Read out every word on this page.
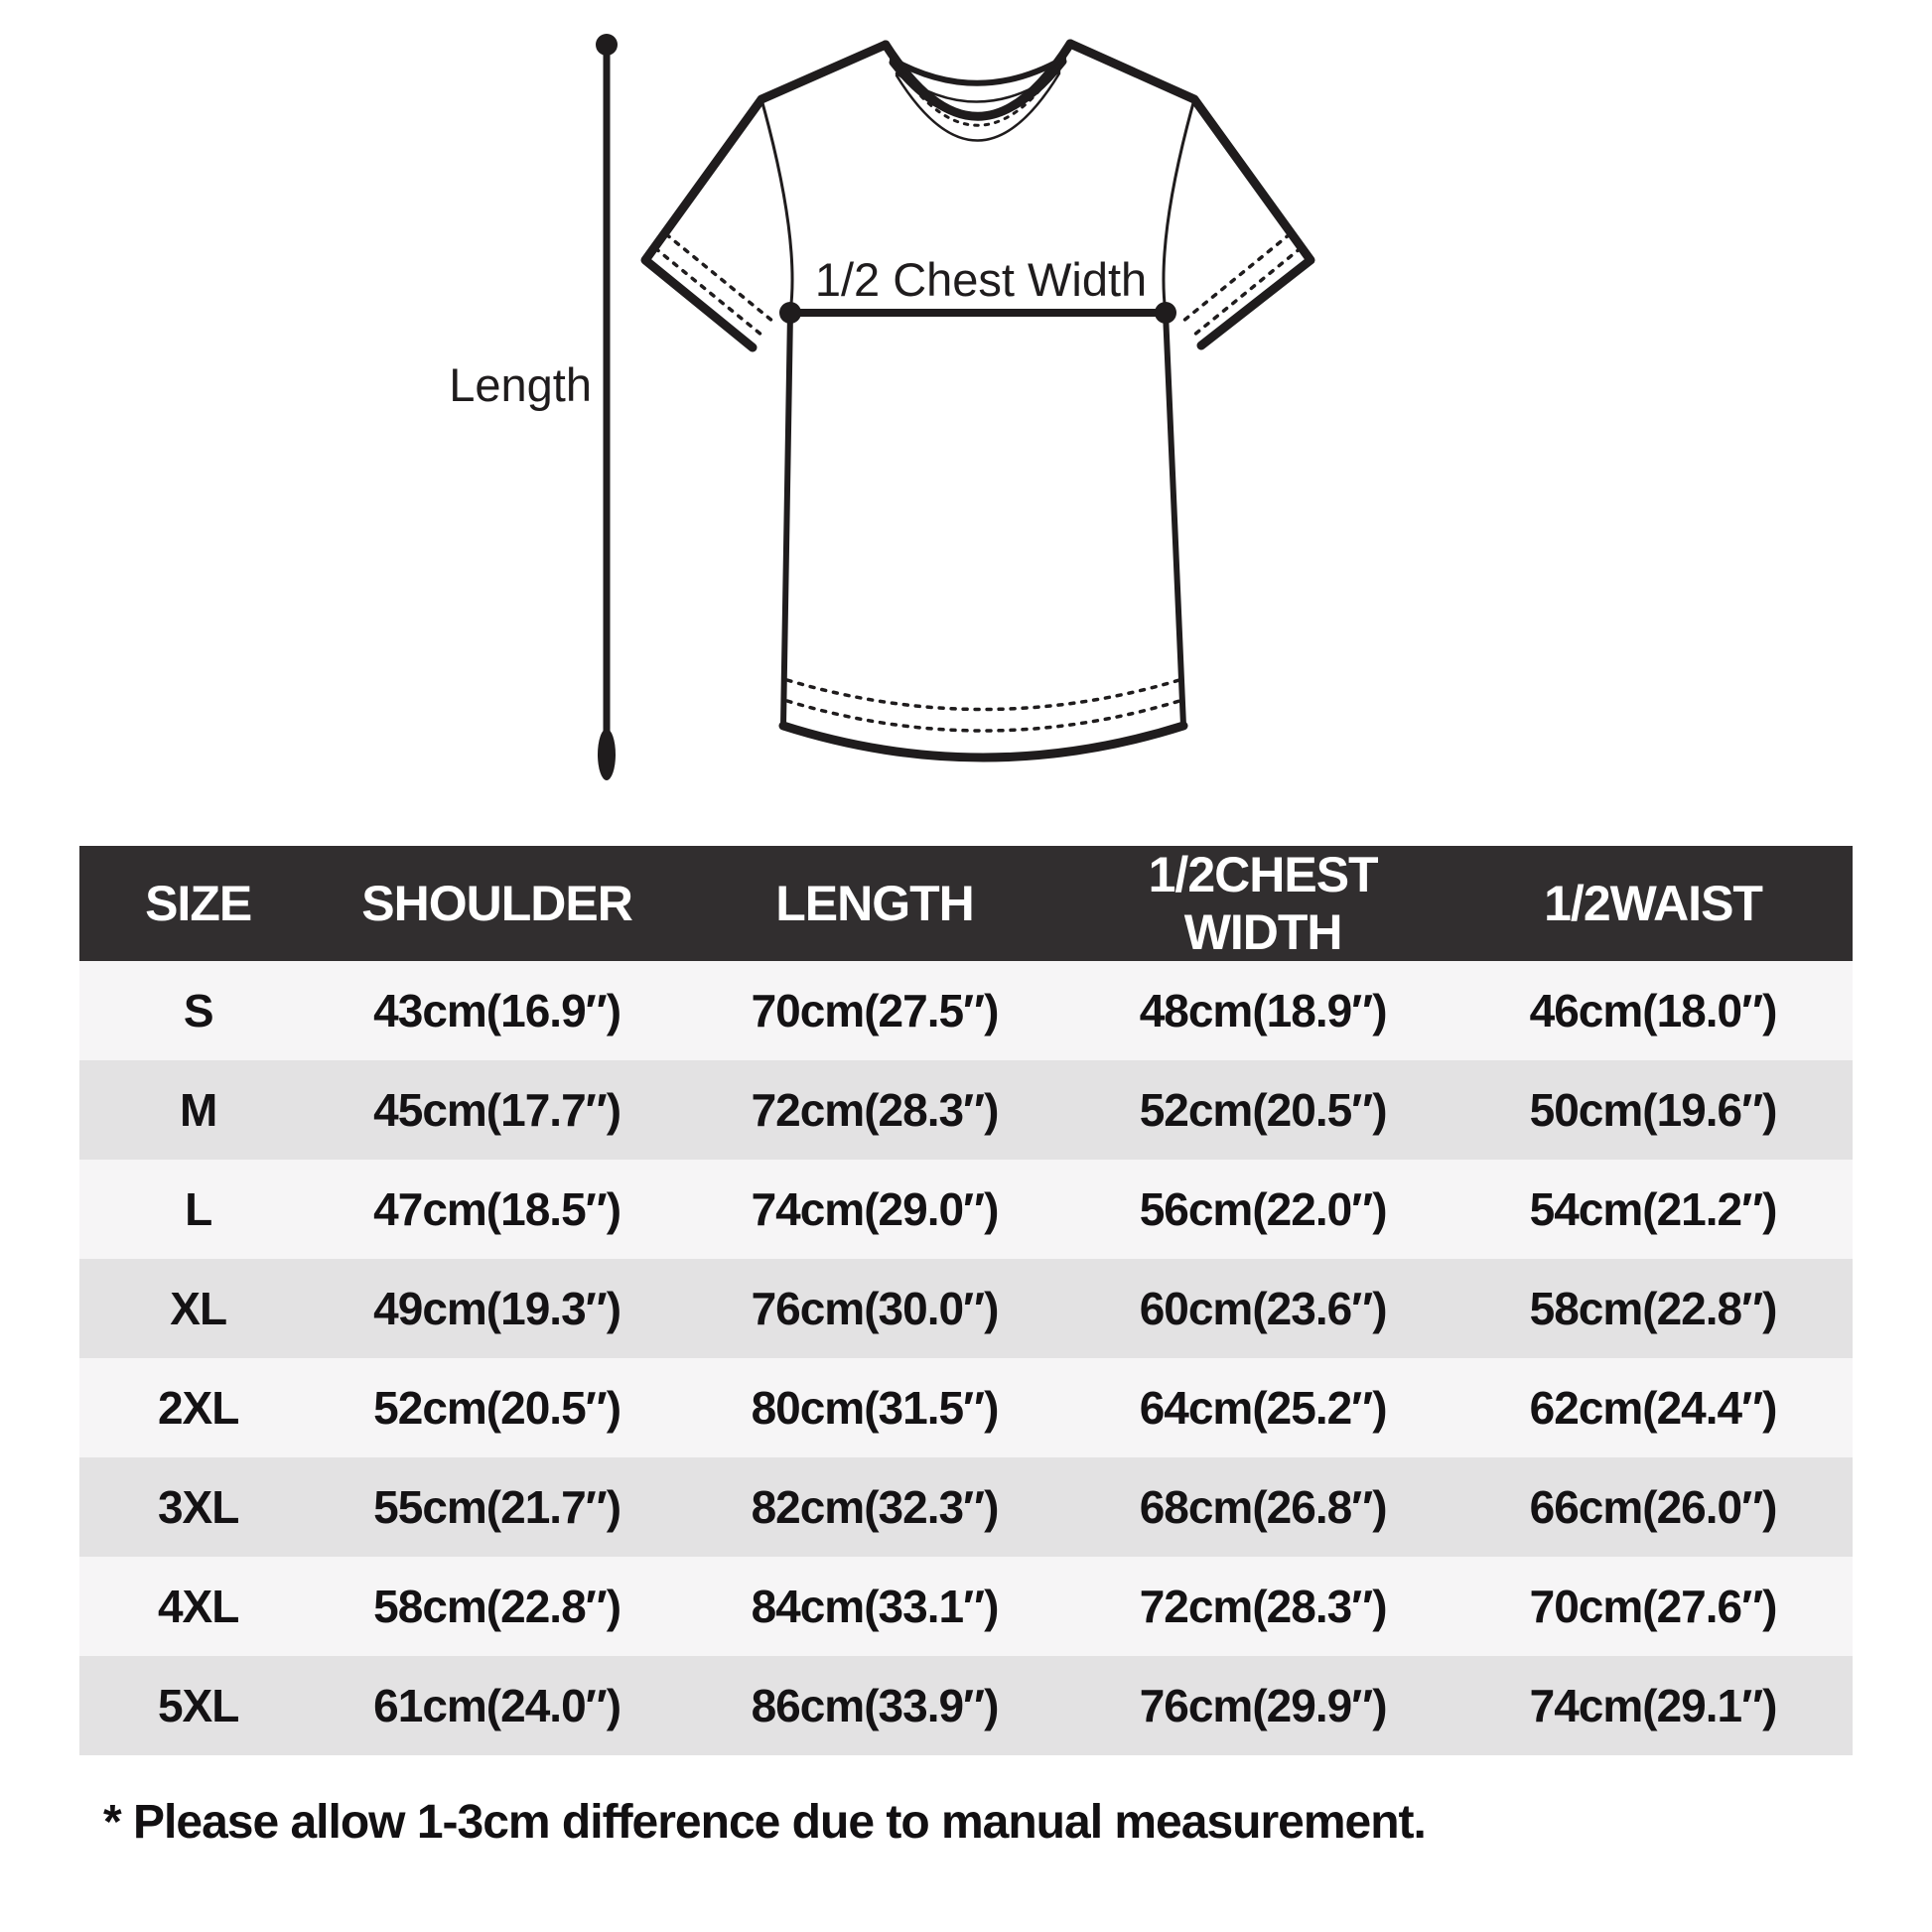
Length
1/2 Chest Width
SIZE	SHOULDER	LENGTH	1/2CHEST WIDTH	1/2WAIST
S	43cm(16.9″)	70cm(27.5″)	48cm(18.9″)	46cm(18.0″)
M	45cm(17.7″)	72cm(28.3″)	52cm(20.5″)	50cm(19.6″)
L	47cm(18.5″)	74cm(29.0″)	56cm(22.0″)	54cm(21.2″)
XL	49cm(19.3″)	76cm(30.0″)	60cm(23.6″)	58cm(22.8″)
2XL	52cm(20.5″)	80cm(31.5″)	64cm(25.2″)	62cm(24.4″)
3XL	55cm(21.7″)	82cm(32.3″)	68cm(26.8″)	66cm(26.0″)
4XL	58cm(22.8″)	84cm(33.1″)	72cm(28.3″)	70cm(27.6″)
5XL	61cm(24.0″)	86cm(33.9″)	76cm(29.9″)	74cm(29.1″)
* Please allow 1-3cm difference due to manual measurement.
